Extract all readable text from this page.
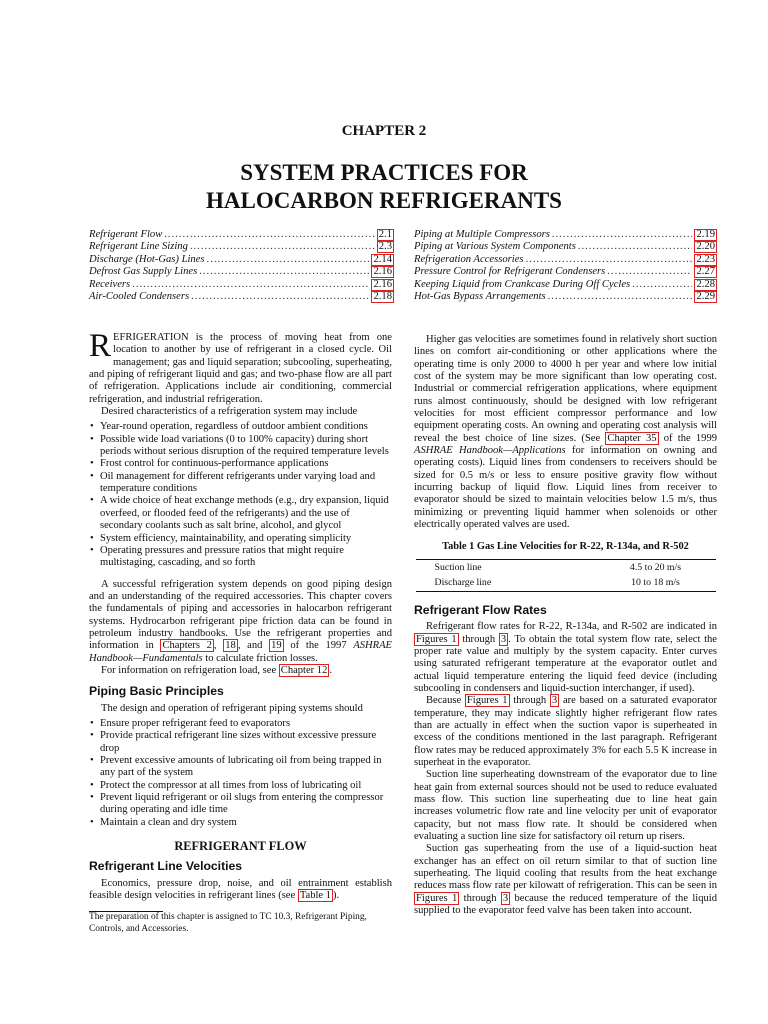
CHAPTER 2
SYSTEM PRACTICES FOR
HALOCARBON REFRIGERANTS
Refrigerant Flow .....	2.1
Refrigerant Line Sizing .....	2.3
Discharge (Hot-Gas) Lines .....	2.14
Defrost Gas Supply Lines .....	2.16
Receivers .....	2.16
Air-Cooled Condensers .....	2.18
Piping at Multiple Compressors .....	2.19
Piping at Various System Components .....	2.20
Refrigeration Accessories .....	2.23
Pressure Control for Refrigerant Condensers .....	2.27
Keeping Liquid from Crankcase During Off Cycles .....	2.28
Hot-Gas Bypass Arrangements .....	2.29

REFRIGERATION is the process of moving heat from one location to another by use of refrigerant in a closed cycle. Oil management; gas and liquid separation; subcooling, superheating, and piping of refrigerant liquid and gas; and two-phase flow are all part of refrigeration. Applications include air conditioning, commercial refrigeration, and industrial refrigeration.

Desired characteristics of a refrigeration system may include

• Year-round operation, regardless of outdoor ambient conditions
• Possible wide load variations (0 to 100% capacity) during short periods without serious disruption of the required temperature levels
• Frost control for continuous-performance applications
• Oil management for different refrigerants under varying load and temperature conditions
• A wide choice of heat exchange methods (e.g., dry expansion, liquid overfeed, or flooded feed of the refrigerants) and the use of secondary coolants such as salt brine, alcohol, and glycol
• System efficiency, maintainability, and operating simplicity
• Operating pressures and pressure ratios that might require multistaging, cascading, and so forth

A successful refrigeration system depends on good piping design and an understanding of the required accessories. This chapter covers the fundamentals of piping and accessories in halocarbon refrigerant systems. Hydrocarbon refrigerant pipe friction data can be found in petroleum industry handbooks. Use the refrigerant properties and information in Chapters 2 , 18 , and 19 of the 1997 ASHRAE Handbook—Fundamentals to calculate friction losses.

For information on refrigeration load, see Chapter 12 .

Piping Basic Principles

The design and operation of refrigerant piping systems should

• Ensure proper refrigerant feed to evaporators
• Provide practical refrigerant line sizes without excessive pressure drop
• Prevent excessive amounts of lubricating oil from being trapped in any part of the system
• Protect the compressor at all times from loss of lubricating oil
• Prevent liquid refrigerant or oil slugs from entering the compressor during operating and idle time
• Maintain a clean and dry system
REFRIGERANT FLOW
Refrigerant Line Velocities

Economics, pressure drop, noise, and oil entrainment establish feasible design velocities in refrigerant lines (see Table 1 ).

The preparation of this chapter is assigned to TC 10.3, Refrigerant Piping, Controls, and Accessories.

Higher gas velocities are sometimes found in relatively short suction lines on comfort air-conditioning or other applications where the operating time is only 2000 to 4000 h per year and where low initial cost of the system may be more significant than low operating cost. Industrial or commercial refrigeration applications, where equipment runs almost continuously, should be designed with low refrigerant velocities for most efficient compressor performance and low equipment operating costs. An owning and operating cost analysis will reveal the best choice of line sizes. (See Chapter 35 of the 1999 ASHRAE Handbook—Applications for information on owning and operating costs). Liquid lines from condensers to receivers should be sized for 0.5 m/s or less to ensure positive gravity flow without incurring backup of liquid flow. Liquid lines from receiver to evaporator should be sized to maintain velocities below 1.5 m/s, thus minimizing or preventing liquid hammer when solenoids or other electrically operated valves are used.

Table 1 Gas Line Velocities for R-22, R-134a, and R-502
Suction line	4.5 to 20 m/s
Discharge line	10 to 18 m/s
Refrigerant Flow Rates

Refrigerant flow rates for R-22, R-134a, and R-502 are indicated in Figures 1 through 3 . To obtain the total system flow rate, select the proper rate value and multiply by the system capacity. Enter curves using saturated refrigerant temperature at the evaporator outlet and actual liquid temperature entering the liquid feed device (including subcooling in condensers and liquid-suction interchanger, if used).

Because Figures 1 through 3 are based on a saturated evaporator temperature, they may indicate slightly higher refrigerant flow rates than are actually in effect when the suction vapor is superheated in excess of the conditions mentioned in the last paragraph. Refrigerant flow rates may be reduced approximately 3% for each 5.5 K increase in superheat in the evaporator.

Suction line superheating downstream of the evaporator due to line heat gain from external sources should not be used to reduce evaluated mass flow. This suction line superheating due to line heat gain increases volumetric flow rate and line velocity per unit of evaporator capacity, but not mass flow rate. It should be considered when evaluating a suction line size for satisfactory oil return up risers.

Suction gas superheating from the use of a liquid-suction heat exchanger has an effect on oil return similar to that of suction line superheating. The liquid cooling that results from the heat exchange reduces mass flow rate per kilowatt of refrigeration. This can be seen in Figures 1 through 3 because the reduced temperature of the liquid supplied to the evaporator feed valve has been taken into account.
